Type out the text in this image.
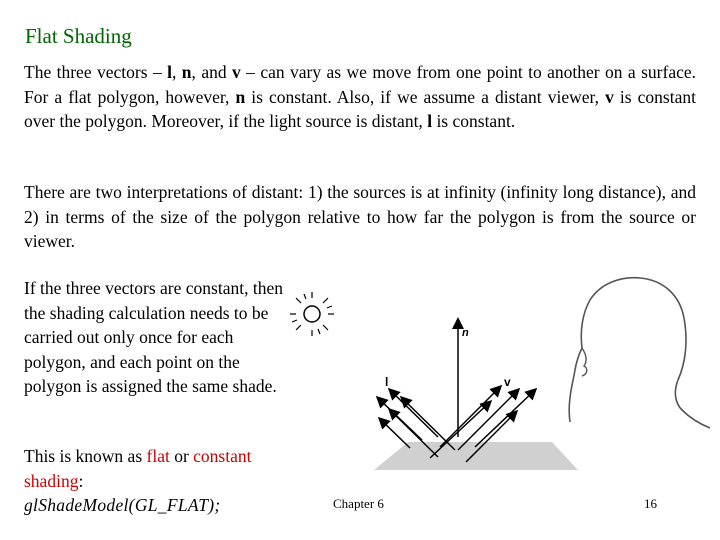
Flat Shading
The three vectors – l, n, and v – can vary as we move from one point to another on a surface. For a flat polygon, however, n is constant. Also, if we assume a distant viewer, v is constant over the polygon. Moreover, if the light source is distant, l is constant.
There are two interpretations of distant: 1) the sources is at infinity (infinity long distance), and 2) in terms of the size of the polygon relative to how far the polygon is from the source or viewer.
If the three vectors are constant, then the shading calculation needs to be carried out only once for each polygon, and each point on the polygon is assigned the same shade.
This is known as flat or constant shading:
glShadeModel(GL_FLAT);
n
l	v
Chapter 6	16
